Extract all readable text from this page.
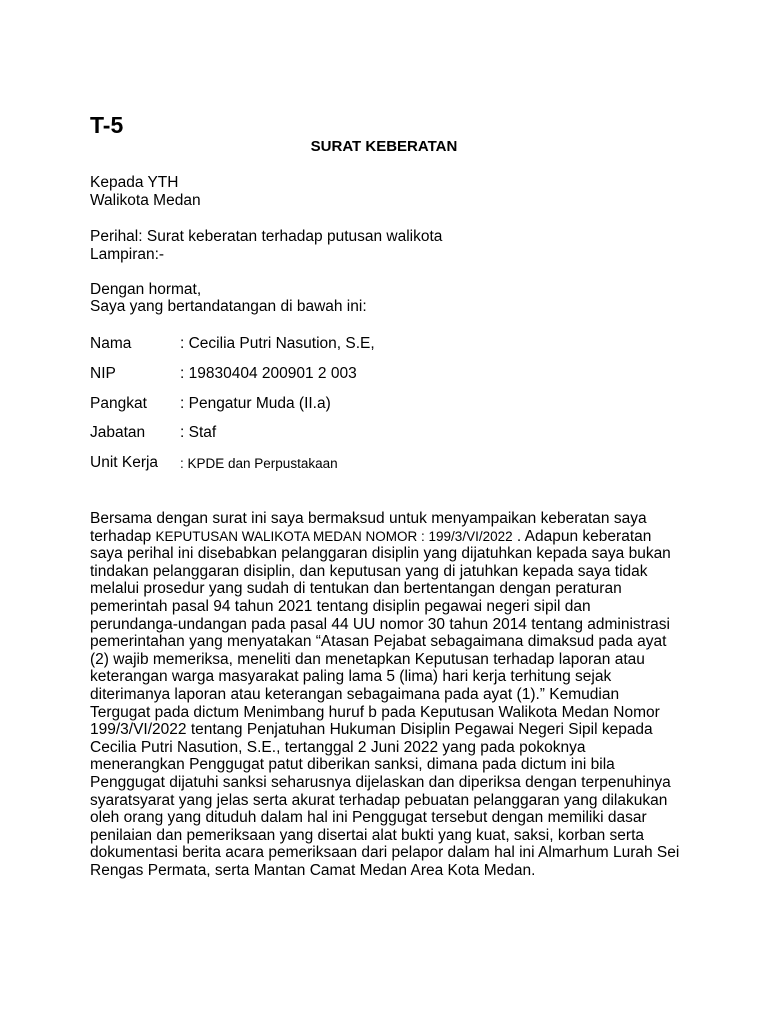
T-5
SURAT KEBERATAN
Kepada YTH
Walikota Medan
Perihal: Surat keberatan terhadap putusan walikota
Lampiran:-
Dengan hormat,
Saya yang bertandatangan di bawah ini:
Nama	: Cecilia Putri Nasution, S.E,
NIP	: 19830404 200901 2 003
Pangkat : Pengatur Muda (II.a)
Jabatan : Staf
Unit Kerja : KPDE dan Perpustakaan
Bersama dengan surat ini saya bermaksud untuk menyampaikan keberatan saya terhadap KEPUTUSAN WALIKOTA MEDAN NOMOR : 199/3/VI/2022 . Adapun keberatan saya perihal ini disebabkan pelanggaran disiplin yang dijatuhkan kepada saya bukan tindakan pelanggaran disiplin, dan keputusan yang di jatuhkan kepada saya tidak melalui prosedur yang sudah di tentukan dan bertentangan dengan peraturan pemerintah pasal 94 tahun 2021 tentang disiplin pegawai negeri sipil dan perundanga-undangan pada pasal 44 UU nomor 30 tahun 2014 tentang administrasi pemerintahan yang menyatakan “Atasan Pejabat sebagaimana dimaksud pada ayat (2) wajib memeriksa, meneliti dan menetapkan Keputusan terhadap laporan atau keterangan warga masyarakat paling lama 5 (lima) hari kerja terhitung sejak diterimanya laporan atau keterangan sebagaimana pada ayat (1).” Kemudian Tergugat pada dictum Menimbang huruf b pada Keputusan Walikota Medan Nomor 199/3/VI/2022 tentang Penjatuhan Hukuman Disiplin Pegawai Negeri Sipil kepada Cecilia Putri Nasution, S.E., tertanggal 2 Juni 2022 yang pada pokoknya menerangkan Penggugat patut diberikan sanksi, dimana pada dictum ini bila Penggugat dijatuhi sanksi seharusnya dijelaskan dan diperiksa dengan terpenuhinya syaratsyarat yang jelas serta akurat terhadap pebuatan pelanggaran yang dilakukan oleh orang yang dituduh dalam hal ini Penggugat tersebut dengan memiliki dasar penilaian dan pemeriksaan yang disertai alat bukti yang kuat, saksi, korban serta dokumentasi berita acara pemeriksaan dari pelapor dalam hal ini Almarhum Lurah Sei Rengas Permata, serta Mantan Camat Medan Area Kota Medan.
